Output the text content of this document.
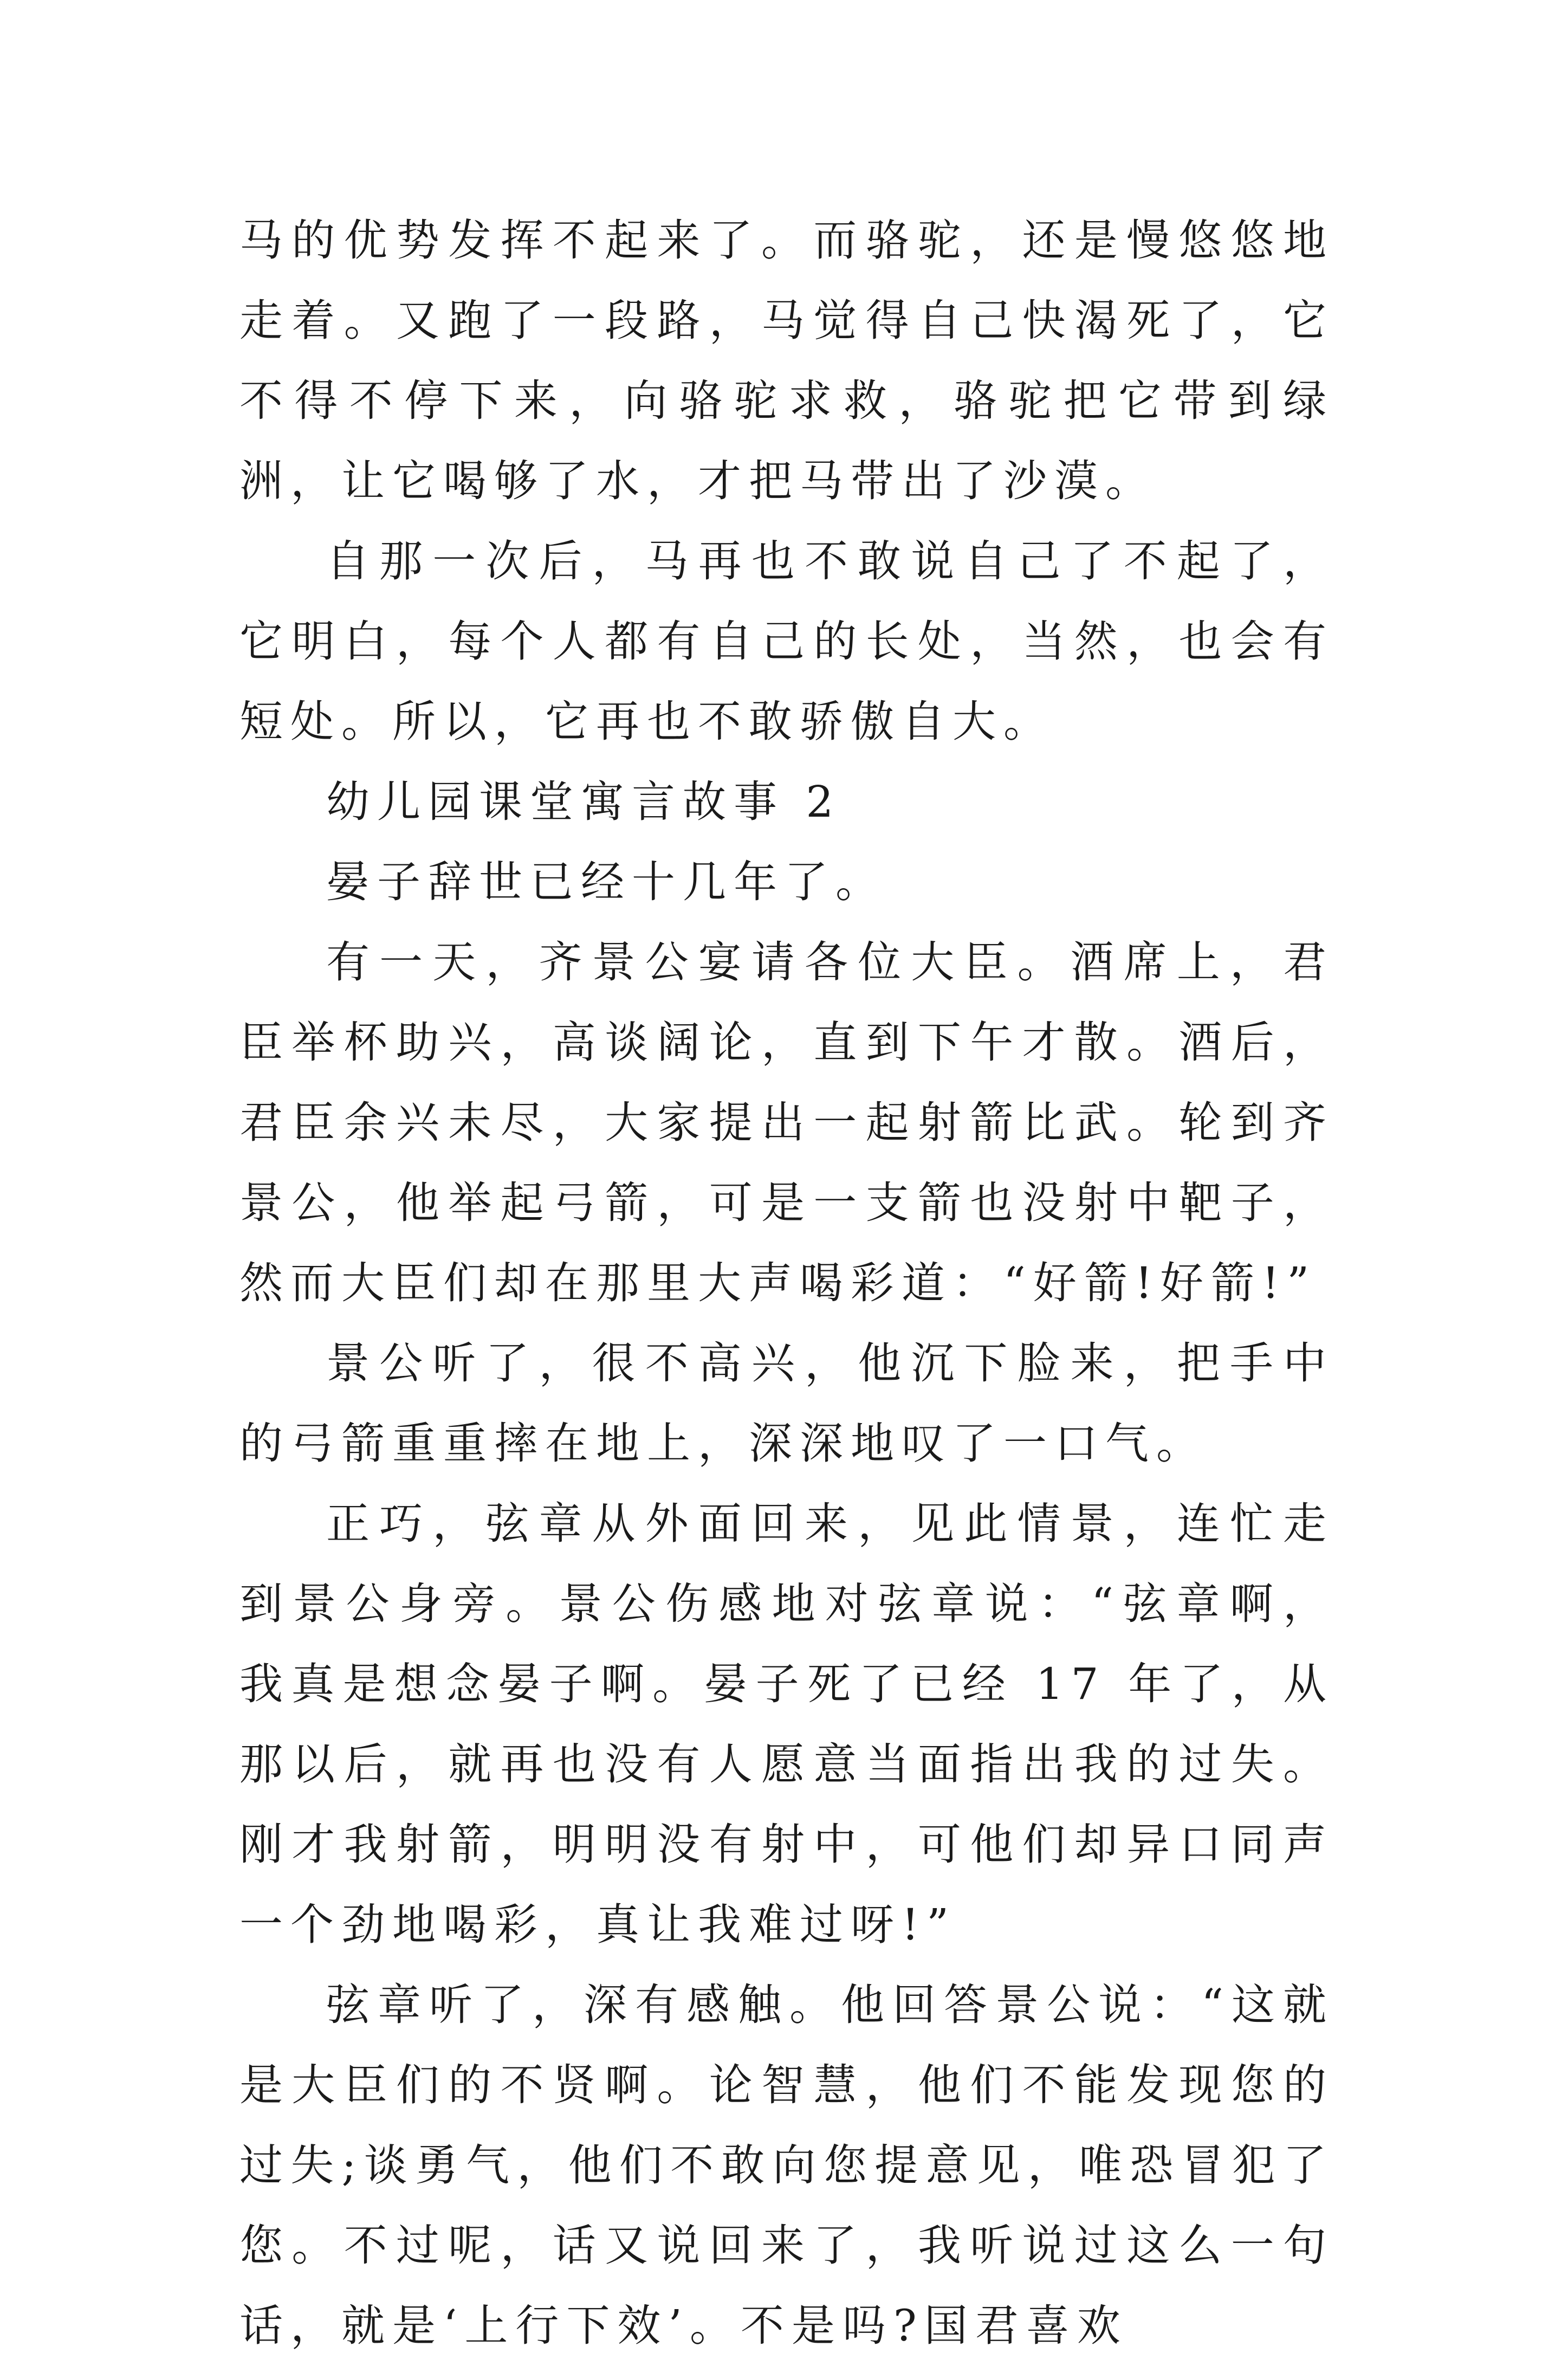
马的优势发挥不起来了。而骆驼，还是慢悠悠地走着。又跑了一段路，马觉得自己快渴死了，它不得不停下来，向骆驼求救，骆驼把它带到绿洲，让它喝够了水，才把马带出了沙漠。

自那一次后，马再也不敢说自己了不起了，它明白，每个人都有自己的长处，当然，也会有短处。所以，它再也不敢骄傲自大。

幼儿园课堂寓言故事 2

晏子辞世已经十几年了。

有一天，齐景公宴请各位大臣。酒席上，君臣举杯助兴，高谈阔论，直到下午才散。酒后，君臣余兴未尽，大家提出一起射箭比武。轮到齐景公，他举起弓箭，可是一支箭也没射中靶子，然而大臣们却在那里大声喝彩道：“好箭!好箭!”

景公听了，很不高兴，他沉下脸来，把手中的弓箭重重摔在地上，深深地叹了一口气。

正巧，弦章从外面回来，见此情景，连忙走到景公身旁。景公伤感地对弦章说：“弦章啊，我真是想念晏子啊。晏子死了已经 17 年了，从那以后，就再也没有人愿意当面指出我的过失。刚才我射箭，明明没有射中，可他们却异口同声一个劲地喝彩，真让我难过呀!”

弦章听了，深有感触。他回答景公说：“这就是大臣们的不贤啊。论智慧，他们不能发现您的过失;谈勇气，他们不敢向您提意见，唯恐冒犯了您。不过呢，话又说回来了，我听说过这么一句话，就是‘上行下效’。不是吗?国君喜欢
